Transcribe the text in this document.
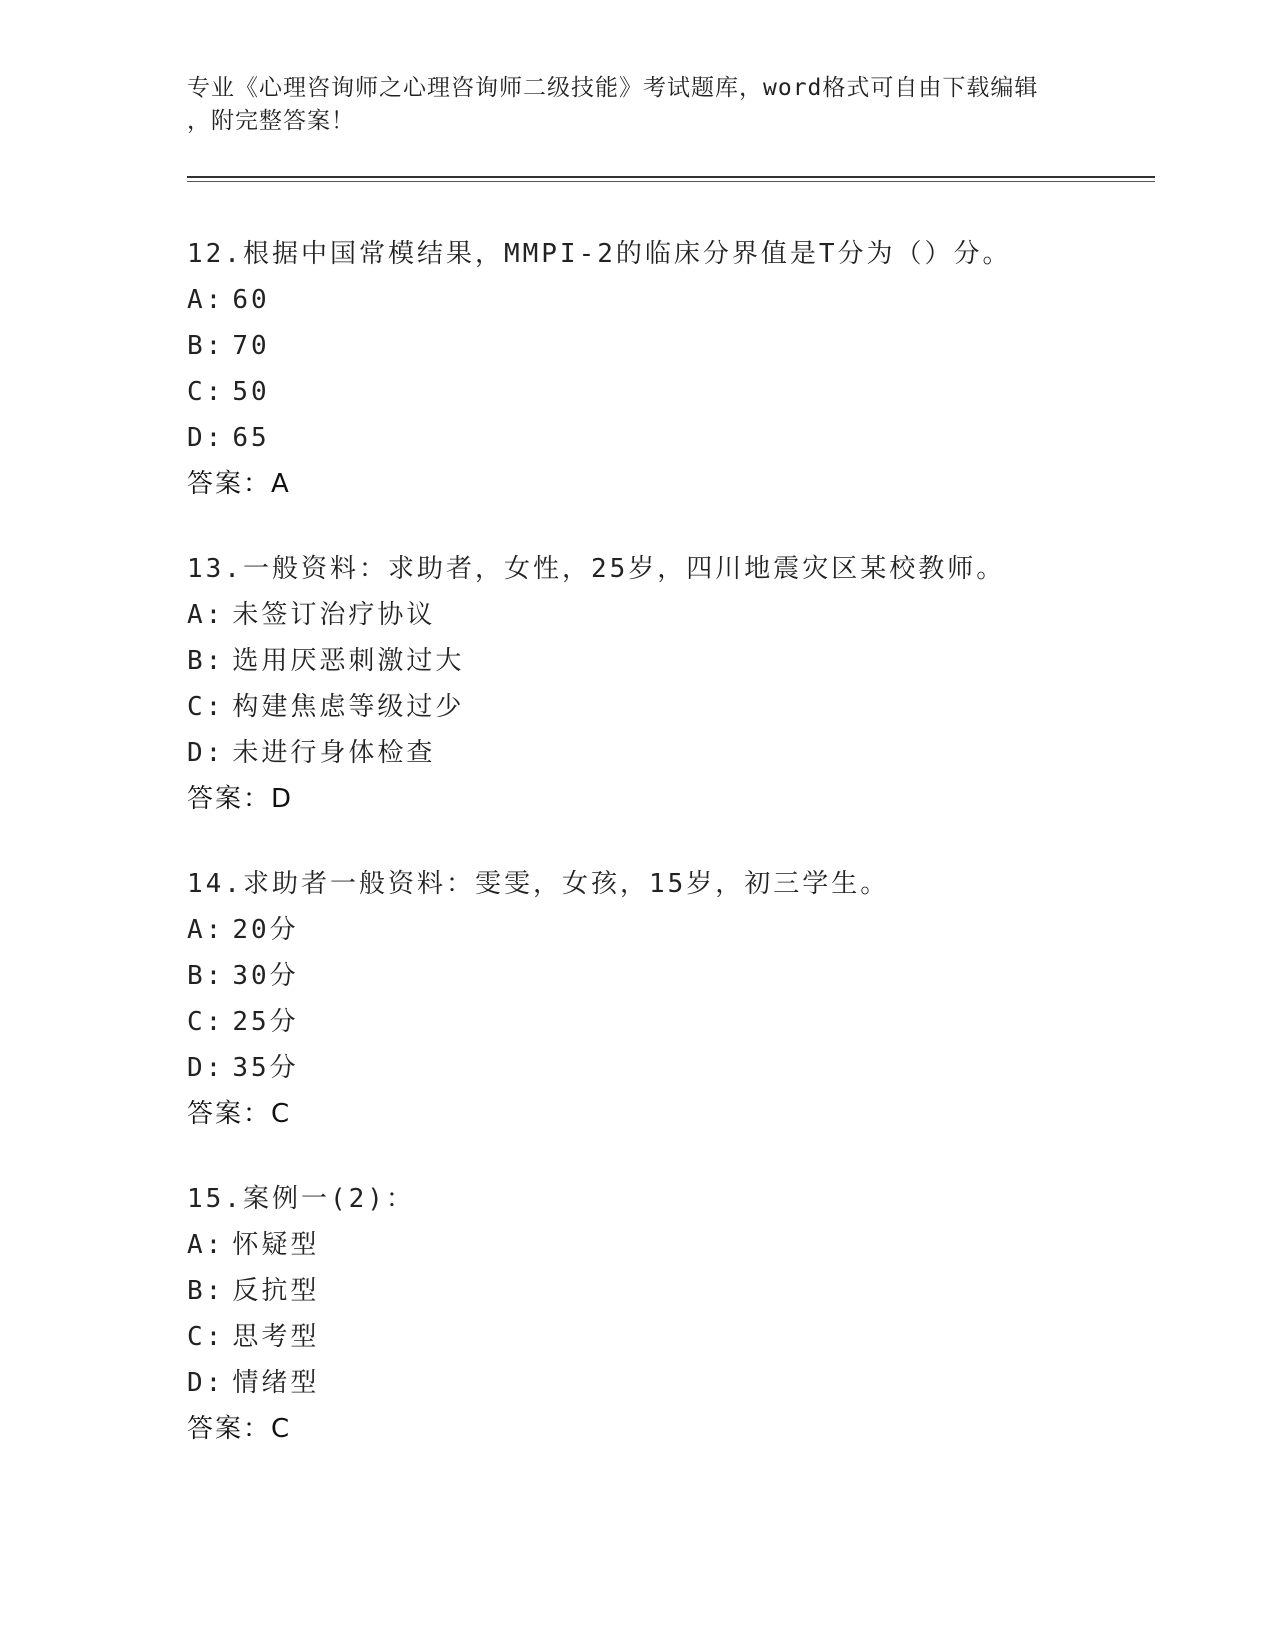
专业《心理咨询师之心理咨询师二级技能》考试题库，word格式可自由下载编辑
，附完整答案！
12.根据中国常模结果，MMPI-2的临床分界值是T分为（）分。
A: 60
B: 70
C: 50
D: 65
答案：A
13.一般资料：求助者，女性，25岁，四川地震灾区某校教师。
A: 未签订治疗协议
B: 选用厌恶刺激过大
C: 构建焦虑等级过少
D: 未进行身体检查
答案：D
14.求助者一般资料：雯雯，女孩，15岁，初三学生。
A: 20分
B: 30分
C: 25分
D: 35分
答案：C
15.案例一(2)：
A: 怀疑型
B: 反抗型
C: 思考型
D: 情绪型
答案：C
